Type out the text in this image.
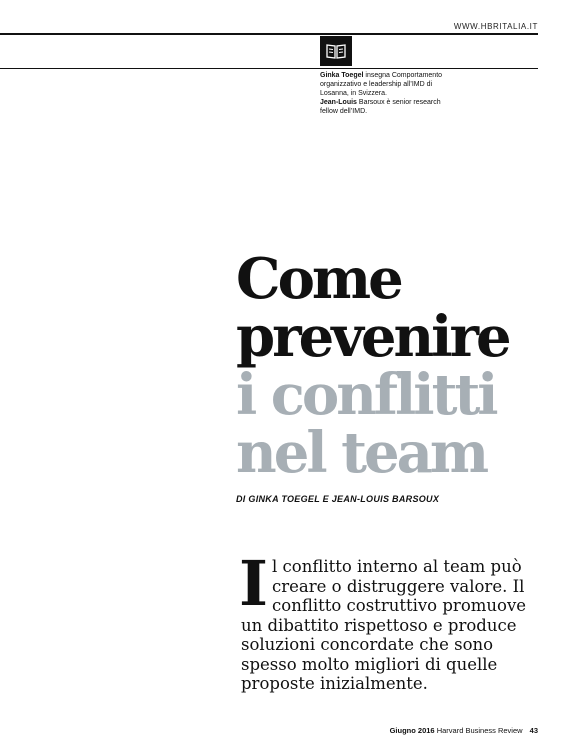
WWW.HBRITALIA.IT
Ginka Toegel insegna Comportamento organizzativo e leadership all’IMD di Losanna, in Svizzera.
Jean-Louis Barsoux è senior research fellow dell’IMD.
Come
prevenire
i conflitti
nel team
DI GINKA TOEGEL E JEAN-LOUIS BARSOUX
Il conflitto interno al team può creare o distruggere valore. Il conflitto costruttivo promuove un dibattito rispettoso e produce soluzioni concordate che sono spesso molto migliori di quelle proposte inizialmente.
Giugno 2016 Harvard Business Review 43
